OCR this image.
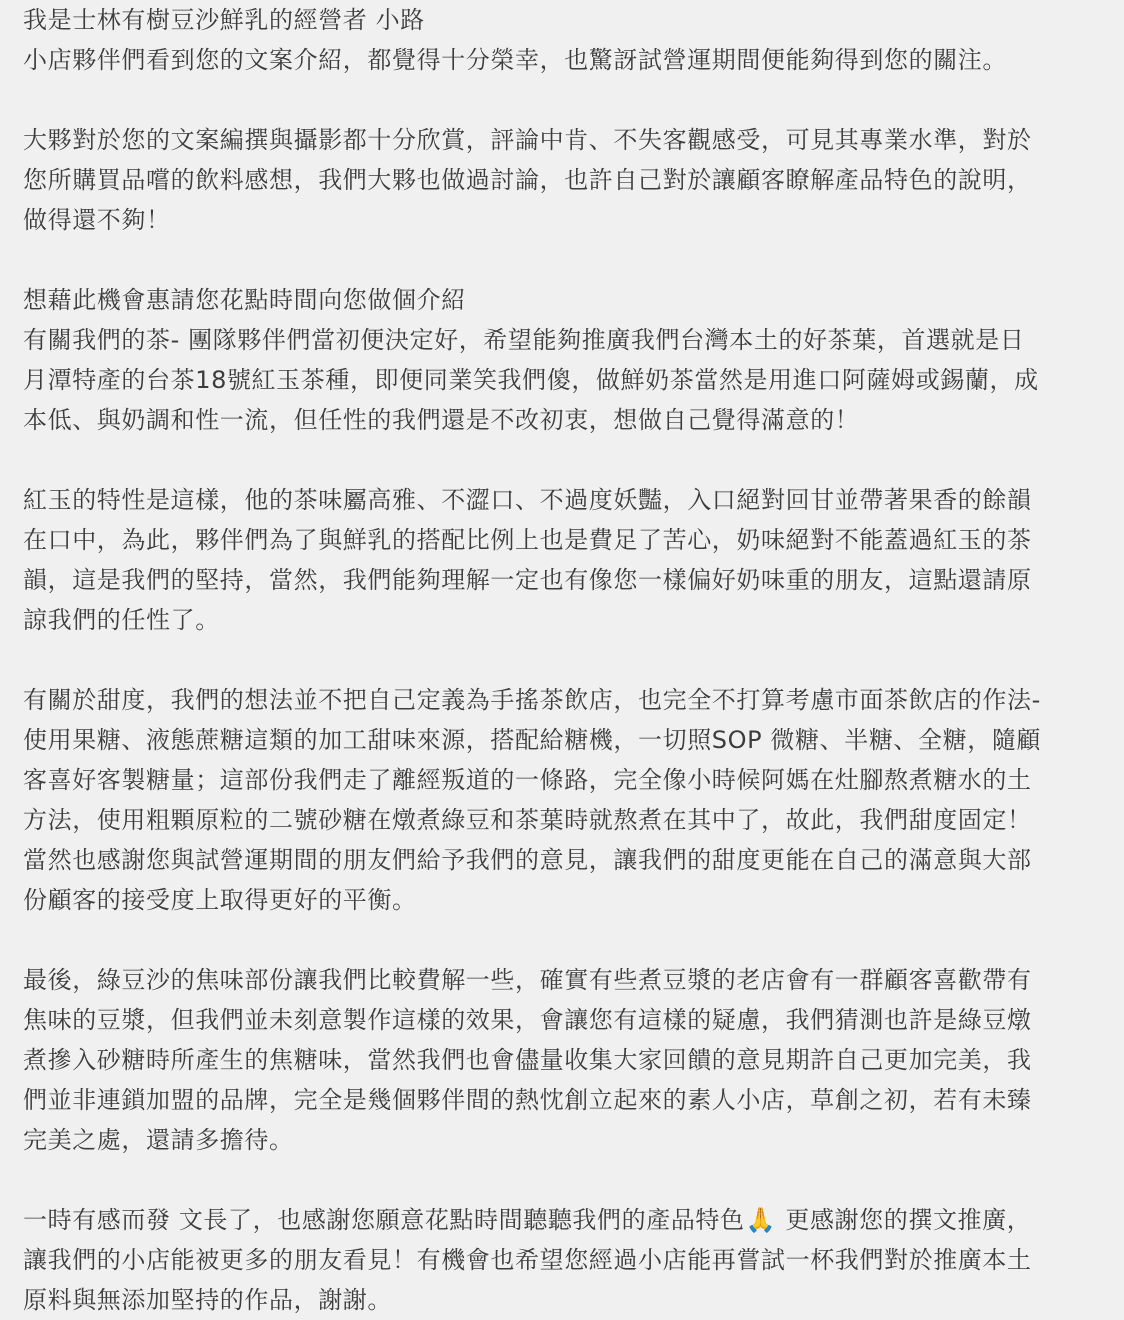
我是士林有樹豆沙鮮乳的經營者 小路
小店夥伴們看到您的文案介紹，都覺得十分榮幸，也驚訝試營運期間便能夠得到您的關注。
大夥對於您的文案編撰與攝影都十分欣賞，評論中肯、不失客觀感受，可見其專業水準，對於
您所購買品嚐的飲料感想，我們大夥也做過討論，也許自己對於讓顧客瞭解產品特色的說明，
做得還不夠！
想藉此機會惠請您花點時間向您做個介紹
有關我們的茶- 團隊夥伴們當初便決定好，希望能夠推廣我們台灣本土的好茶葉，首選就是日
月潭特產的台茶18號紅玉茶種，即便同業笑我們傻，做鮮奶茶當然是用進口阿薩姆或錫蘭，成
本低、與奶調和性一流，但任性的我們還是不改初衷，想做自己覺得滿意的！
紅玉的特性是這樣，他的茶味屬高雅、不澀口、不過度妖豔，入口絕對回甘並帶著果香的餘韻
在口中，為此，夥伴們為了與鮮乳的搭配比例上也是費足了苦心，奶味絕對不能蓋過紅玉的茶
韻，這是我們的堅持，當然，我們能夠理解一定也有像您一樣偏好奶味重的朋友，這點還請原
諒我們的任性了。
有關於甜度，我們的想法並不把自己定義為手搖茶飲店，也完全不打算考慮市面茶飲店的作法-
使用果糖、液態蔗糖這類的加工甜味來源，搭配給糖機，一切照SOP 微糖、半糖、全糖，隨顧
客喜好客製糖量；這部份我們走了離經叛道的一條路，完全像小時候阿媽在灶腳熬煮糖水的土
方法，使用粗顆原粒的二號砂糖在燉煮綠豆和茶葉時就熬煮在其中了，故此，我們甜度固定！
當然也感謝您與試營運期間的朋友們給予我們的意見，讓我們的甜度更能在自己的滿意與大部
份顧客的接受度上取得更好的平衡。
最後，綠豆沙的焦味部份讓我們比較費解一些，確實有些煮豆漿的老店會有一群顧客喜歡帶有
焦味的豆漿，但我們並未刻意製作這樣的效果，會讓您有這樣的疑慮，我們猜測也許是綠豆燉
煮摻入砂糖時所產生的焦糖味，當然我們也會儘量收集大家回饋的意見期許自己更加完美，我
們並非連鎖加盟的品牌，完全是幾個夥伴間的熱忱創立起來的素人小店，草創之初，若有未臻
完美之處，還請多擔待。
一時有感而發 文長了，也感謝您願意花點時間聽聽我們的產品特色🙏 更感謝您的撰文推廣，
讓我們的小店能被更多的朋友看見！有機會也希望您經過小店能再嘗試一杯我們對於推廣本土
原料與無添加堅持的作品，謝謝。
